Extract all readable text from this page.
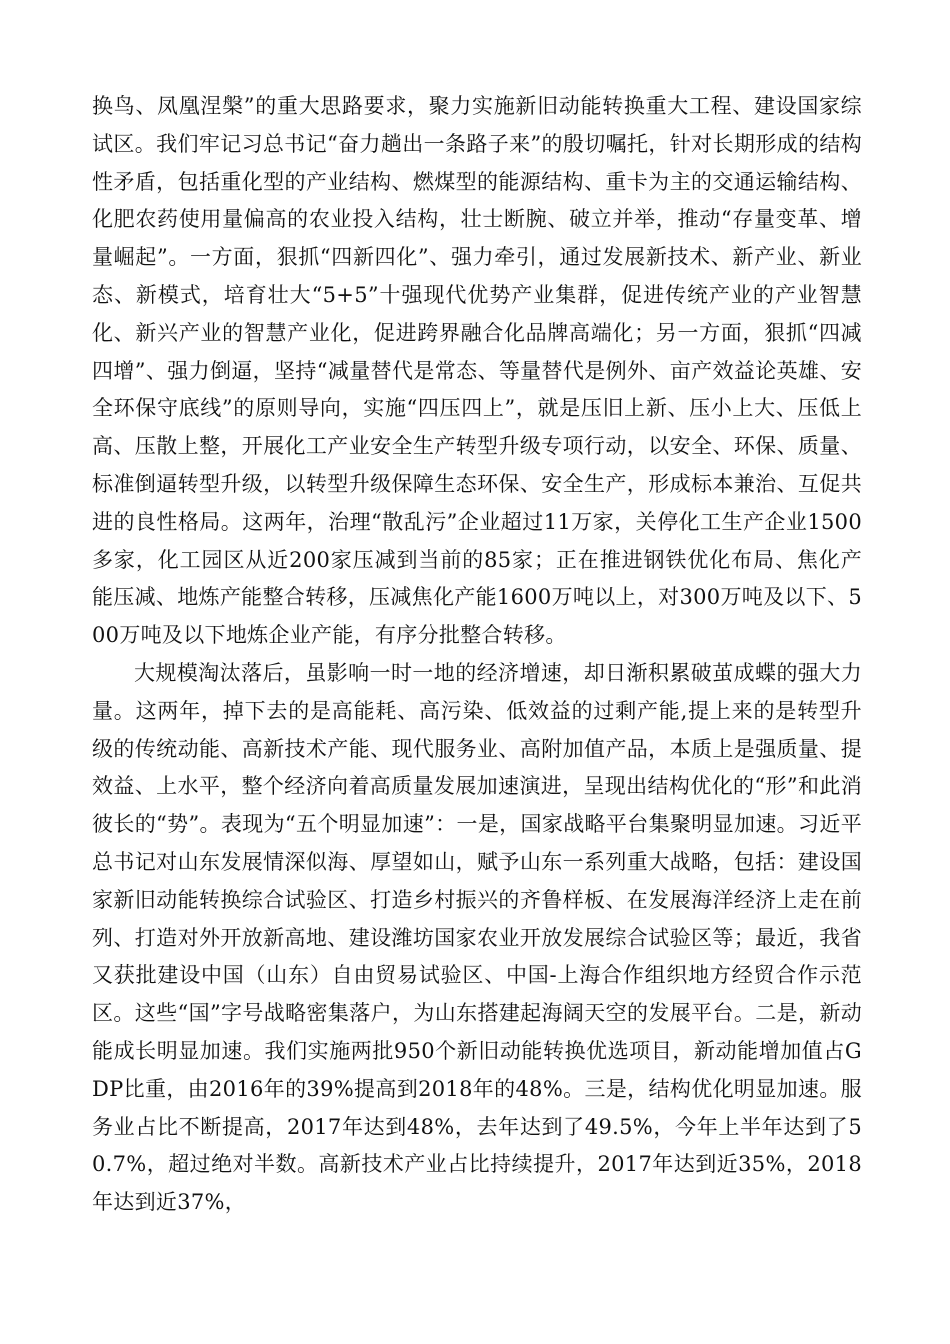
换鸟、凤凰涅槃”的重大思路要求，聚力实施新旧动能转换重大工程、建设国家综试区。我们牢记习总书记“奋力趟出一条路子来”的殷切嘱托，针对长期形成的结构性矛盾，包括重化型的产业结构、燃煤型的能源结构、重卡为主的交通运输结构、化肥农药使用量偏高的农业投入结构，壮士断腕、破立并举，推动“存量变革、增量崛起”。一方面，狠抓“四新四化”、强力牵引，通过发展新技术、新产业、新业态、新模式，培育壮大“5+5”十强现代优势产业集群，促进传统产业的产业智慧化、新兴产业的智慧产业化，促进跨界融合化品牌高端化；另一方面，狠抓“四减四增”、强力倒逼，坚持“减量替代是常态、等量替代是例外、亩产效益论英雄、安全环保守底线”的原则导向，实施“四压四上”，就是压旧上新、压小上大、压低上高、压散上整，开展化工产业安全生产转型升级专项行动，以安全、环保、质量、标准倒逼转型升级，以转型升级保障生态环保、安全生产，形成标本兼治、互促共进的良性格局。这两年，治理“散乱污”企业超过11万家，关停化工生产企业1500多家，化工园区从近200家压减到当前的85家；正在推进钢铁优化布局、焦化产能压减、地炼产能整合转移，压减焦化产能1600万吨以上，对300万吨及以下、500万吨及以下地炼企业产能，有序分批整合转移。

大规模淘汰落后，虽影响一时一地的经济增速，却日渐积累破茧成蝶的强大力量。这两年，掉下去的是高能耗、高污染、低效益的过剩产能,提上来的是转型升级的传统动能、高新技术产能、现代服务业、高附加值产品，本质上是强质量、提效益、上水平，整个经济向着高质量发展加速演进，呈现出结构优化的“形”和此消彼长的“势”。表现为“五个明显加速”：一是，国家战略平台集聚明显加速。习近平总书记对山东发展情深似海、厚望如山，赋予山东一系列重大战略，包括：建设国家新旧动能转换综合试验区、打造乡村振兴的齐鲁样板、在发展海洋经济上走在前列、打造对外开放新高地、建设潍坊国家农业开放发展综合试验区等；最近，我省又获批建设中国（山东）自由贸易试验区、中国-上海合作组织地方经贸合作示范区。这些“国”字号战略密集落户，为山东搭建起海阔天空的发展平台。二是，新动能成长明显加速。我们实施两批950个新旧动能转换优选项目，新动能增加值占GDP比重，由2016年的39%提高到2018年的48%。三是，结构优化明显加速。服务业占比不断提高，2017年达到48%，去年达到了49.5%，今年上半年达到了50.7%，超过绝对半数。高新技术产业占比持续提升，2017年达到近35%，2018年达到近37%，
